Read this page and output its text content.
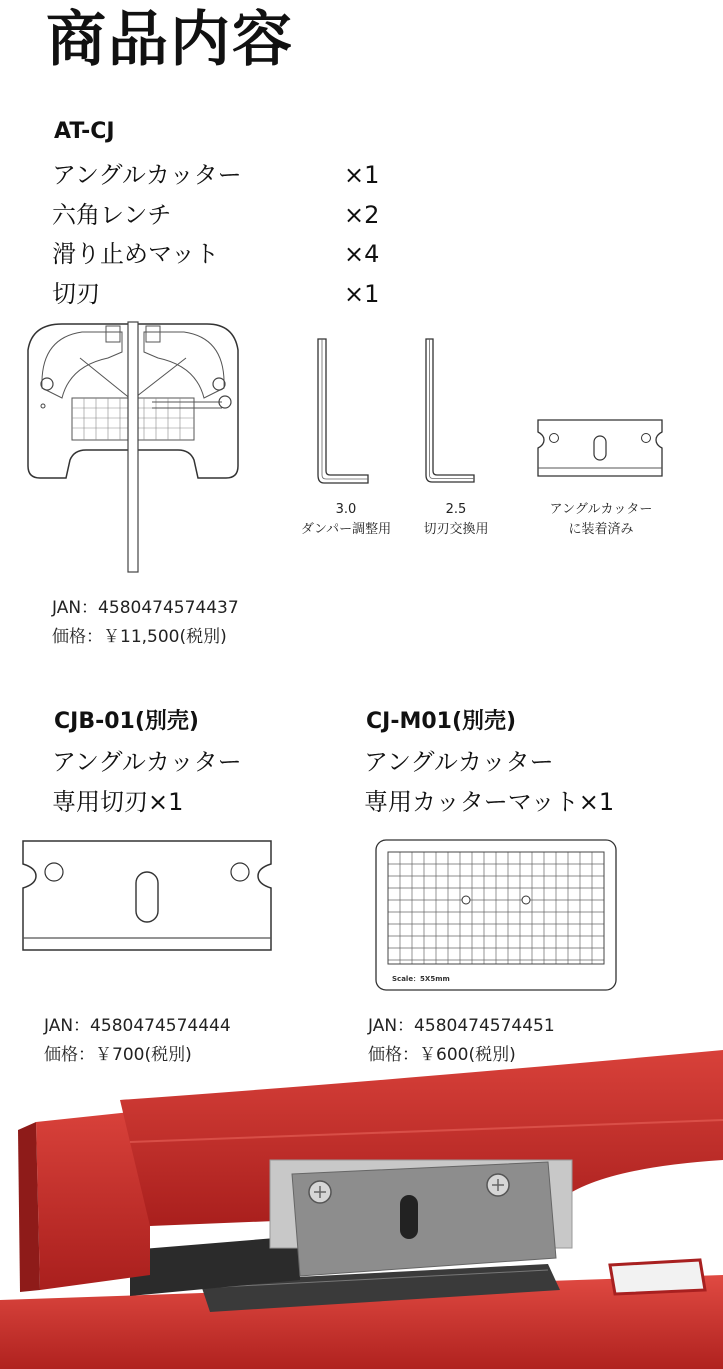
商品内容
AT-CJ
アングルカッター	×1
六角レンチ	×2
滑り止めマット	×4
切刃	×1
3.0
ダンパー調整用
2.5
切刃交換用
アングルカッター
に装着済み
JAN：4580474574437
価格：￥11,500(税別)
CJB-01(別売)
アングルカッター
専用切刃×1
JAN：4580474574444
価格：￥700(税別)
CJ-M01(別売)
アングルカッター
専用カッターマット×1
Scale：5X5mm
JAN：4580474574451
価格：￥600(税別)
